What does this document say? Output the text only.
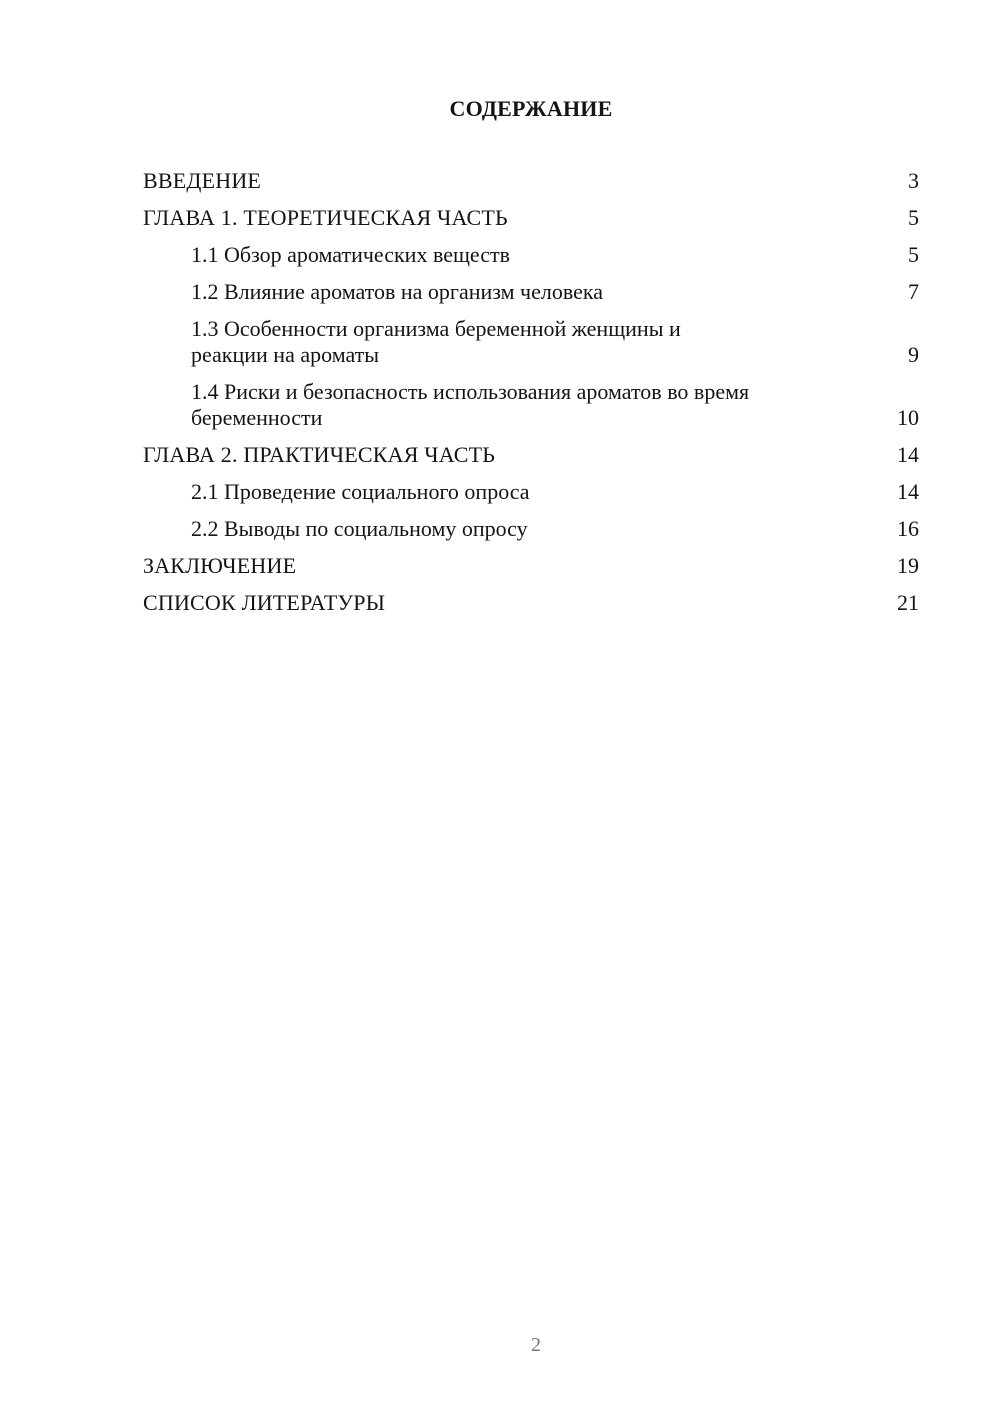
СОДЕРЖАНИЕ
ВВЕДЕНИЕ	3
ГЛАВА 1. ТЕОРЕТИЧЕСКАЯ ЧАСТЬ	5
1.1 Обзор ароматических веществ	5
1.2 Влияние ароматов на организм человека	7
1.3 Особенности организма беременной женщины и реакции на ароматы	9
1.4 Риски и безопасность использования ароматов во время беременности	10
ГЛАВА 2. ПРАКТИЧЕСКАЯ ЧАСТЬ	14
2.1 Проведение социального опроса	14
2.2 Выводы по социальному опросу	16
ЗАКЛЮЧЕНИЕ	19
СПИСОК ЛИТЕРАТУРЫ	21
2
